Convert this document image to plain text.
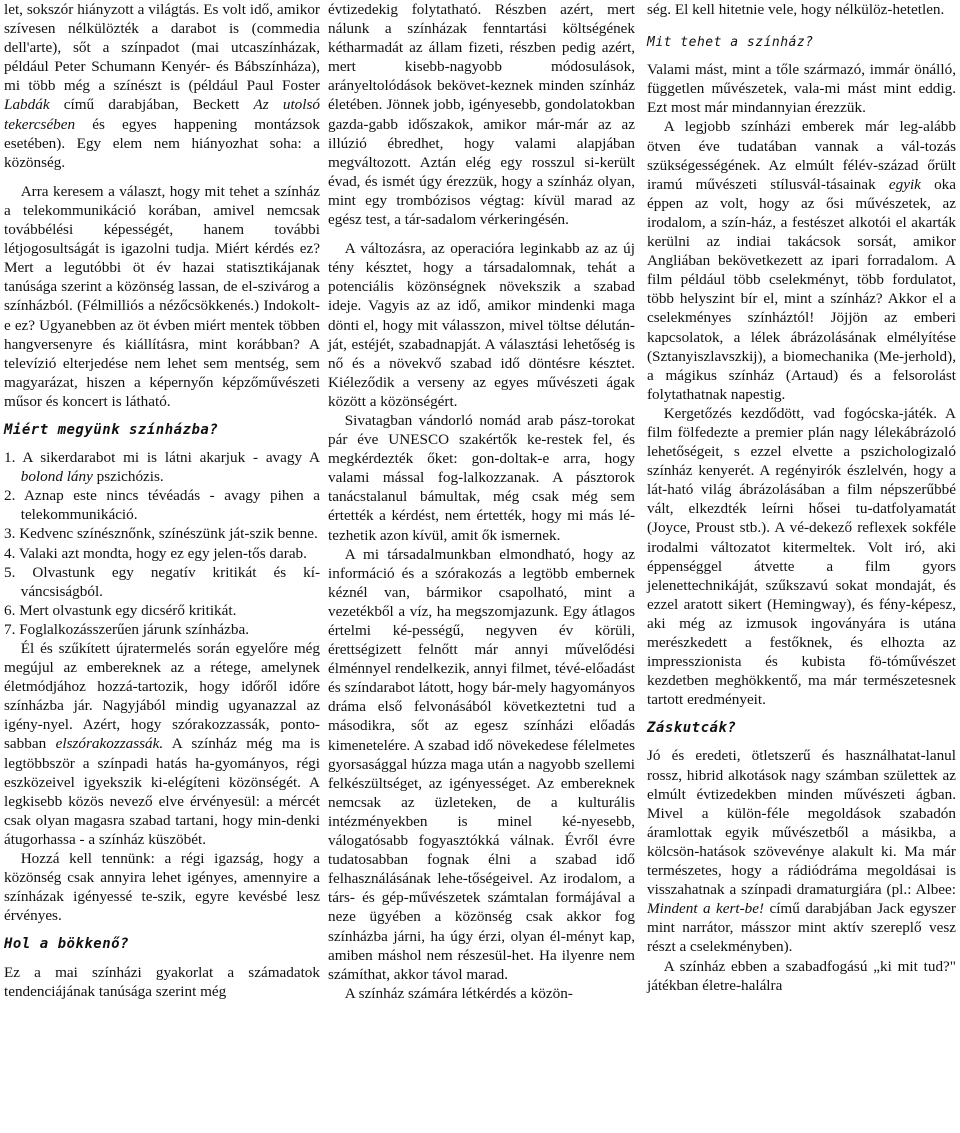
let, sokszór hiányzott a világtás. Es volt idő, amikor szívesen nélkülözték a darabot is (commedia dell'arte), sőt a színpadot (mai utcaszínházak, például Peter Schumann Kenyér- és Bábszínháza), mi több még a színészt is (például Paul Foster Labdák című darabjában, Beckett Az utolsó tekercsében és egyes happening montázsok esetében). Egy elem nem hiányozhat soha: a közönség.

Arra keresem a választ, hogy mit tehet a színház a telekommunikáció korában, amivel nemcsak továbbélési képességét, hanem további létjogosultságát is igazolni tudja. Miért kérdés ez? Mert a legutóbbi öt év hazai statisztikájanak tanúsága szerint a közönség lassan, de el-szivárog a színházból. (Félmilliós a nézőcsökkenés.) Indokolt-e ez? Ugyanebben az öt évben miért mentek többen hangversenyre és kiállításra, mint korábban? A televízió elterjedése nem lehet sem mentség, sem magyarázat, hiszen a képernyőn képzőművészeti műsor és koncert is látható.

Miért megyünk színházba?
1. A sikerdarabot mi is látni akarjuk - avagy A bolond lány pszichózis.
2. Aznap este nincs tévéadás - avagy pihen a telekommunikáció.
3. Kedvenc színésznőnk, színészünk ját-szik benne.
4. Valaki azt mondta, hogy ez egy jelen-tős darab.
5. Olvastunk egy negatív kritikát és kí-váncsiságból.
6. Mert olvastunk egy dicsérő kritikát.
7. Foglalkozásszerűen járunk színházba.

Él és szűkített újratermelés során egyelőre még megújul az embereknek az a rétege, amelynek életmódjához hozzá-tartozik, hogy időről időre színházba jár. Nagyjából mindig ugyanazzal az igény-nyel. Azért, hogy szórakozzassák, ponto-sabban elszórakozzassák. A színház még ma is legtöbbször a színpadi hatás ha-gyományos, régi eszközeivel igyekszik ki-elégíteni közönségét. A legkisebb közös nevező elve érvényesül: a mércét csak olyan magasra szabad tartani, hogy min-denki átugorhassa - a színház küszöbét.

Hozzá kell tennünk: a régi igazság, hogy a közönség csak annyira lehet igényes, amennyire a színházak igényessé te-szik, egyre kevésbé lesz érvényes.

Hol a bökkenő?

Ez a mai színházi gyakorlat a számadatok tendenciájának tanúsága szerint még

évtizedekig folytatható. Részben azért, mert nálunk a színházak fenntartási költségének kétharmadát az állam fizeti, részben pedig azért, mert kisebb-nagyobb módosulások, arányeltolódások bekövet-keznek minden színház életében. Jönnek jobb, igényesebb, gondolatokban gazda-gabb időszakok, amikor már-már az az illúzió ébredhet, hogy valami alapjában megváltozott. Aztán elég egy rosszul si-került évad, és ismét úgy érezzük, hogy a színház olyan, mint egy trombózisos végtag: kívül marad az egész test, a tár-sadalom vérkeringésén.

A változásra, az operacióra leginkabb az az új tény késztet, hogy a társadalomnak, tehát a potenciális közönségnek növekszik a szabad ideje. Vagyis az az idő, amikor mindenki maga dönti el, hogy mit válasszon, mivel töltse délután-ját, estéjét, szabadnapját. A választási lehetőség is nő és a növekvő szabad idő döntésre késztet. Kiéleződik a verseny az egyes művészeti ágak között a közönségért.

Sivatagban vándorló nomád arab pász-torokat pár éve UNESCO szakértők ke-restek fel, és megkérdezték őket: gon-doltak-e arra, hogy valami mással fog-lalkozzanak. A pásztorok tanácstalanul bámultak, még csak még sem értették a kérdést, nem értették, hogy mi más lé-tezhetik azon kívül, amit ők ismernek.

A mi társadalmunkban elmondható, hogy az információ és a szórakozás a legtöbb embernek kéznél van, bármikor csapolható, mint a vezetékből a víz, ha megszomjazunk. Egy átlagos értelmi ké-pességű, negyven év körüli, érettségizett felnőtt már annyi művelődési élménnyel rendelkezik, annyi filmet, tévé-előadást és színdarabot látott, hogy bár-mely hagyományos dráma első felvonásából következtetni tud a másodikra, sőt az egesz színházi előadás kimenetelére. A szabad idő növekedese félelmetes gyorsasággal húzza maga után a nagyobb szellemi felkészültséget, az igényességet. Az embereknek nemcsak az üzleteken, de a kulturális intézményekben is minel ké-nyesebb, válogatósabb fogyasztókká válnak. Évről évre tudatosabban fognak élni a szabad idő felhasználásának lehe-tőségeivel. Az irodalom, a társ- és gép-művészetek számtalan formájával a neze ügyében a közönség csak akkor fog színházba járni, ha úgy érzi, olyan él-ményt kap, amiben máshol nem részesül-het. Ha ilyenre nem számíthat, akkor távol marad.

A színház számára létkérdés a közön-

ség. El kell hitetnie vele, hogy nélkülöz-hetetlen.

Mit tehet a színház?

Valami mást, mint a tőle származó, immár önálló, független művészetek, vala-mi mást mint eddig. Ezt most már mindannyian érezzük.

A legjobb színházi emberek már leg-alább ötven éve tudatában vannak a vál-tozás szükségességének. Az elmúlt félév-század őrült iramú művészeti stílusvál-tásainak egyik oka éppen az volt, hogy az ősi művészetek, az irodalom, a szín-ház, a festészet alkotói el akarták kerülni az indiai takácsok sorsát, amikor Angliában bekövetkezett az ipari forradalom. A film például több cselekményt, több fordulatot, több helyszint bír el, mint a színház? Akkor el a cselekményes színháztól! Jöjjön az emberi kapcsolatok, a lélek ábrázolásának elmélyítése (Sztanyiszlavszkij), a biomechanika (Me-jerhold), a mágikus színház (Artaud) és a felsorolást folytathatnak napestig.

Kergetőzés kezdődött, vad fogócska-játék. A film fölfedezte a premier plán nagy lélekábrázoló lehetőségeit, s ezzel elvette a pszichologizaló színház kenyerét. A regényirók észlelvén, hogy a lát-ható világ ábrázolásában a film népszerűbbé vált, elkezdték leírni hősei tu-datfolyamatát (Joyce, Proust stb.). A vé-dekező reflexek sokféle irodalmi változatot kitermeltek. Volt iró, aki éppenséggel átvette a film gyors jelenettechnikáját, szűkszavú sokat mondaját, és ezzel aratott sikert (Hemingway), és fény-képesz, aki még az izmusok ingoványára is utána merészkedett a festőknek, és elhozta az impresszionista és kubista fö-tóművészet kezdetben meghökkentő, ma már természetesnek tartott eredményeit.

Záskutcák?

Jó és eredeti, ötletszerű és használhatat-lanul rossz, hibrid alkotások nagy számban születtek az elmúlt évtizedekben minden művészeti ágban. Mivel a külön-féle megoldások szabadón áramlottak egyik művészetből a másikba, a kölcsön-hatások szövevénye alakult ki. Ma már természetes, hogy a rádiódráma megoldásai is visszahatnak a színpadi dramaturgiára (pl.: Albee: Mindent a kert-be! című darabjában Jack egyszer mint narrátor, másszor mint aktív szereplő vesz részt a cselekményben).

A színház ebben a szabadfogású „ki mit tud?" játékban életre-halálra
